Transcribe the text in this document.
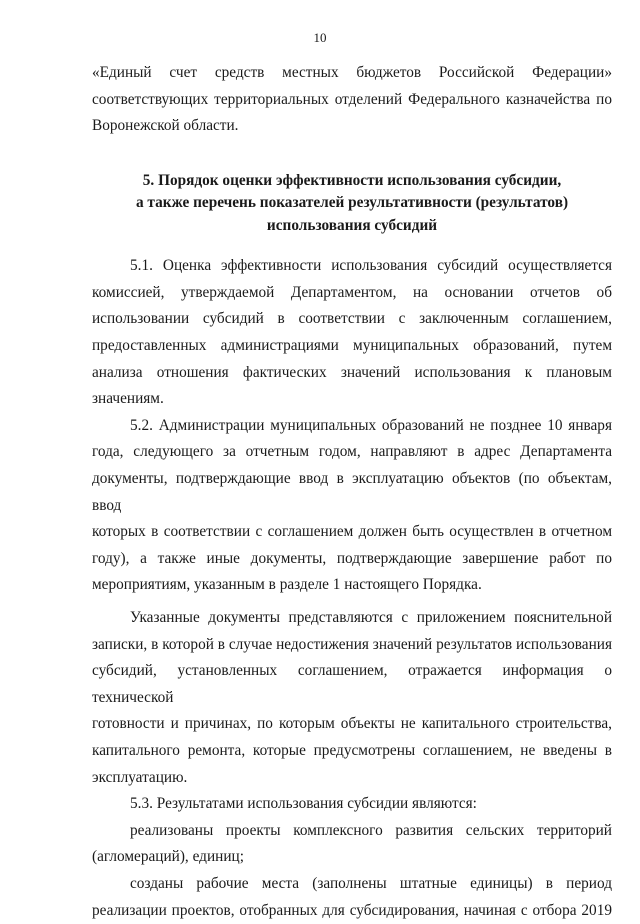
10

«Единый счет средств местных бюджетов Российской Федерации»

соответствующих территориальных отделений Федерального казначейства по

Воронежской области.

5. Порядок оценки эффективности использования субсидии,
а также перечень показателей результативности (результатов)
использования субсидий

5.1. Оценка эффективности использования субсидий осуществляется

комиссией, утверждаемой Департаментом, на основании отчетов об

использовании субсидий в соответствии с заключенным соглашением,

предоставленных администрациями муниципальных образований, путем

анализа отношения фактических значений использования к плановым

значениям.

5.2. Администрации муниципальных образований не позднее 10 января

года, следующего за отчетным годом, направляют в адрес Департамента

документы, подтверждающие ввод в эксплуатацию объектов (по объектам, ввод

которых в соответствии с соглашением должен быть осуществлен в отчетном

году), а также иные документы, подтверждающие завершение работ по

мероприятиям, указанным в разделе 1 настоящего Порядка.

Указанные документы представляются с приложением пояснительной

записки, в которой в случае недостижения значений результатов использования

субсидий, установленных соглашением, отражается информация о технической

готовности и причинах, по которым объекты не капитального строительства,

капитального ремонта, которые предусмотрены соглашением, не введены в

эксплуатацию.

5.3. Результатами использования субсидии являются:

реализованы проекты комплексного развития сельских территорий

(агломераций), единиц;

созданы рабочие места (заполнены штатные единицы) в период

реализации проектов, отобранных для субсидирования, начиная с отбора 2019
